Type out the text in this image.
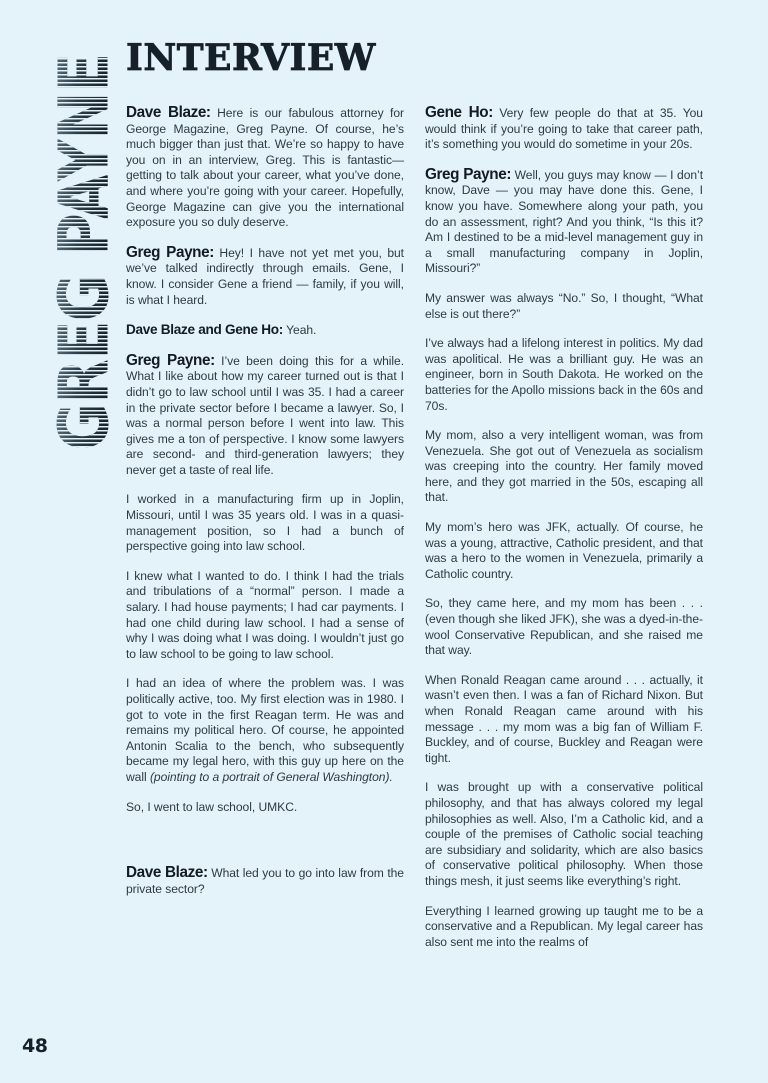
GREG PAYNE
48
INTERVIEW

Dave Blaze: Here is our fabulous attorney for George Magazine, Greg Payne. Of course, he’s much bigger than just that. We’re so happy to have you on in an interview, Greg. This is fantastic—getting to talk about your career, what you’ve done, and where you’re going with your career. Hopefully, George Magazine can give you the international exposure you so duly deserve.

Greg Payne: Hey! I have not yet met you, but we’ve talked indirectly through emails. Gene, I know. I consider Gene a friend — family, if you will, is what I heard.

Dave Blaze and Gene Ho: Yeah.

Greg Payne: I’ve been doing this for a while. What I like about how my career turned out is that I didn’t go to law school until I was 35. I had a career in the private sector before I became a lawyer. So, I was a normal person before I went into law. This gives me a ton of perspective. I know some lawyers are second- and third-generation lawyers; they never get a taste of real life.

I worked in a manufacturing firm up in Joplin, Missouri, until I was 35 years old. I was in a quasi-management position, so I had a bunch of perspective going into law school.

I knew what I wanted to do. I think I had the trials and tribulations of a “normal” person. I made a salary. I had house payments; I had car payments. I had one child during law school. I had a sense of why I was doing what I was doing. I wouldn’t just go to law school to be going to law school.

I had an idea of where the problem was. I was politically active, too. My first election was in 1980. I got to vote in the first Reagan term. He was and remains my political hero. Of course, he appointed Antonin Scalia to the bench, who subsequently became my legal hero, with this guy up here on the wall (pointing to a portrait of General Washington).

So, I went to law school, UMKC.

Dave Blaze: What led you to go into law from the private sector?

Gene Ho: Very few people do that at 35. You would think if you’re going to take that career path, it’s something you would do sometime in your 20s.

Greg Payne: Well, you guys may know — I don’t know, Dave — you may have done this. Gene, I know you have. Somewhere along your path, you do an assessment, right? And you think, “Is this it? Am I destined to be a mid-level management guy in a small manufacturing company in Joplin, Missouri?”

My answer was always “No.” So, I thought, “What else is out there?”

I’ve always had a lifelong interest in politics. My dad was apolitical. He was a brilliant guy. He was an engineer, born in South Dakota. He worked on the batteries for the Apollo missions back in the 60s and 70s.

My mom, also a very intelligent woman, was from Venezuela. She got out of Venezuela as socialism was creeping into the country. Her family moved here, and they got married in the 50s, escaping all that.

My mom’s hero was JFK, actually. Of course, he was a young, attractive, Catholic president, and that was a hero to the women in Venezuela, primarily a Catholic country.

So, they came here, and my mom has been . . . (even though she liked JFK), she was a dyed-in-the-wool Conservative Republican, and she raised me that way.

When Ronald Reagan came around . . . actually, it wasn’t even then. I was a fan of Richard Nixon. But when Ronald Reagan came around with his message . . . my mom was a big fan of William F. Buckley, and of course, Buckley and Reagan were tight.

I was brought up with a conservative political philosophy, and that has always colored my legal philosophies as well. Also, I’m a Catholic kid, and a couple of the premises of Catholic social teaching are subsidiary and solidarity, which are also basics of conservative political philosophy. When those things mesh, it just seems like everything’s right.

Everything I learned growing up taught me to be a conservative and a Republican. My legal career has also sent me into the realms of
